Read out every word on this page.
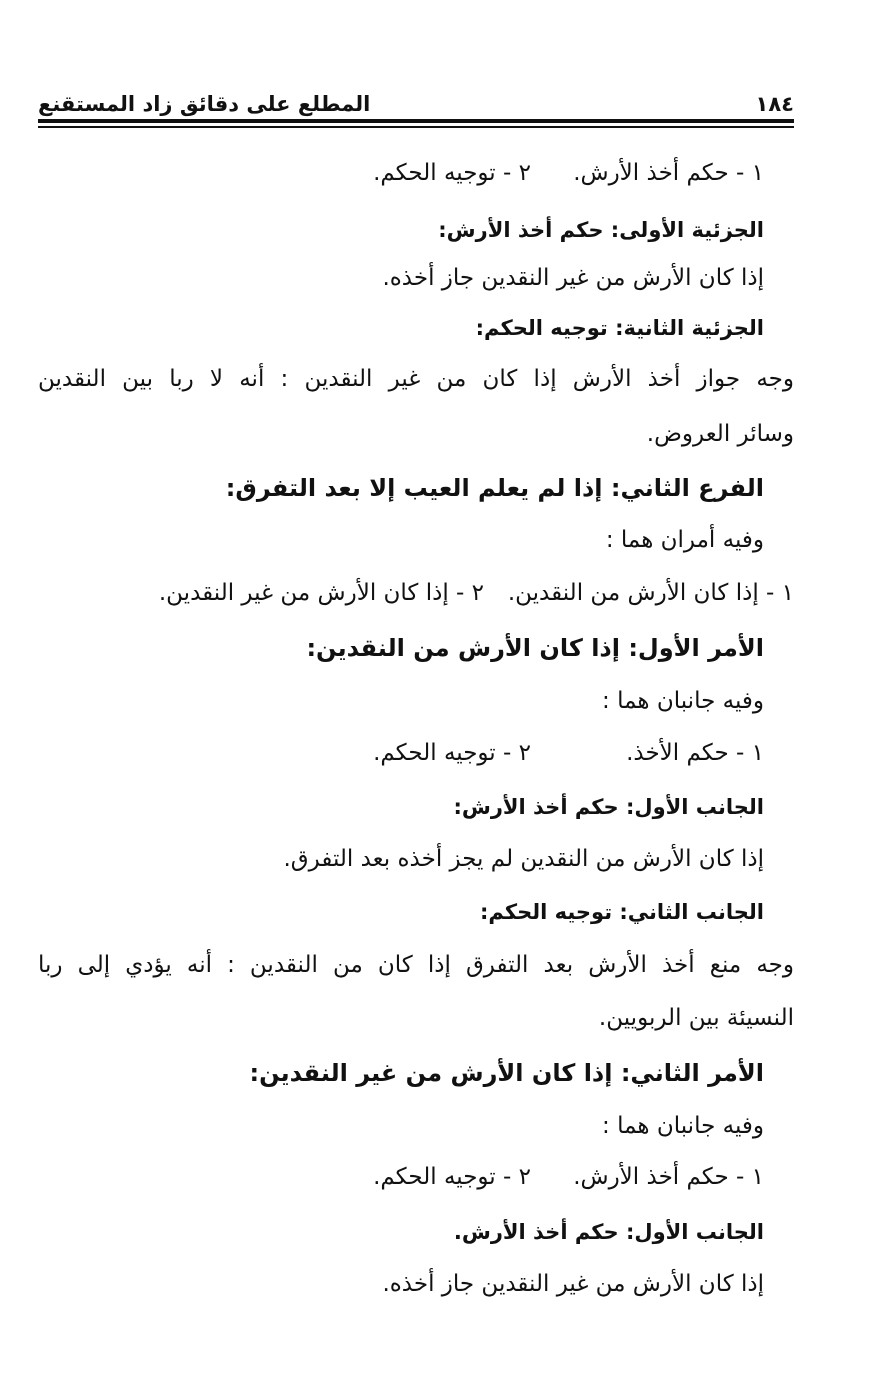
١٨٤
المطلع على دقائق زاد المستقنع
١ - حكم أخذ الأرش.
٢ - توجيه الحكم.
الجزئية الأولى: حكم أخذ الأرش:
إذا كان الأرش من غير النقدين جاز أخذه.
الجزئية الثانية: توجيه الحكم:
وجه جواز أخذ الأرش إذا كان من غير النقدين : أنه لا ربا بين النقدين
وسائر العروض.
الفرع الثاني: إذا لم يعلم العيب إلا بعد التفرق:
وفيه أمران هما :
١ - إذا كان الأرش من النقدين.
٢ - إذا كان الأرش من غير النقدين.
الأمر الأول: إذا كان الأرش من النقدين:
وفيه جانبان هما :
١ - حكم الأخذ.
٢ - توجيه الحكم.
الجانب الأول: حكم أخذ الأرش:
إذا كان الأرش من النقدين لم يجز أخذه بعد التفرق.
الجانب الثاني: توجيه الحكم:
وجه منع أخذ الأرش بعد التفرق إذا كان من النقدين : أنه يؤدي إلى ربا
النسيئة بين الربويين.
الأمر الثاني: إذا كان الأرش من غير النقدين:
وفيه جانبان هما :
١ - حكم أخذ الأرش.
٢ - توجيه الحكم.
الجانب الأول: حكم أخذ الأرش.
إذا كان الأرش من غير النقدين جاز أخذه.
